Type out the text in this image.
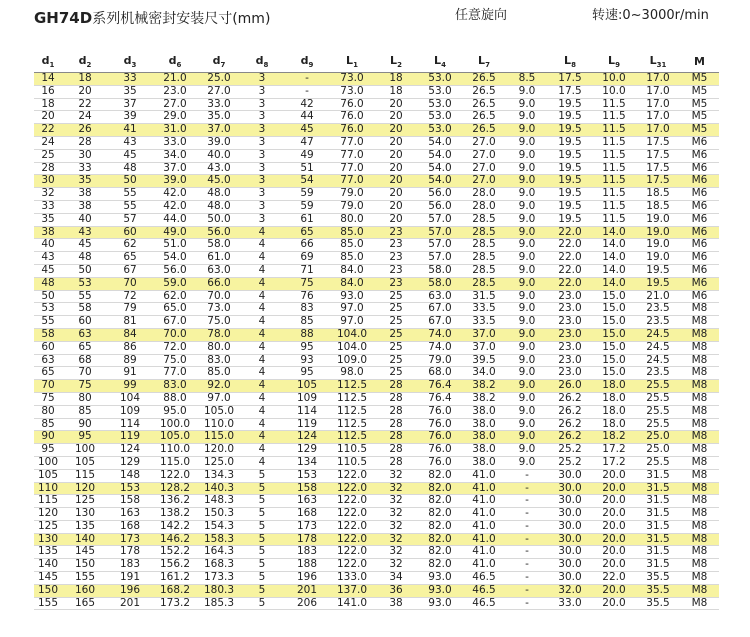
GH74D系列机械密封安装尺寸(mm)	任意旋向	转速:0~3000r/min
$d_1$	$d_2$	$d_3$	$d_6$	$d_7$	$d_8$	$d_9$	$L_1$	$L_2$	$L_4$	$L_7$		$L_8$	$L_9$	$L_{31}$	M
14	18	33	21.0	25.0	3	-	73.0	18	53.0	26.5	8.5	17.5	10.0	17.0	M5
16	20	35	23.0	27.0	3	-	73.0	18	53.0	26.5	9.0	17.5	10.0	17.0	M5
18	22	37	27.0	33.0	3	42	76.0	20	53.0	26.5	9.0	19.5	11.5	17.0	M5
20	24	39	29.0	35.0	3	44	76.0	20	53.0	26.5	9.0	19.5	11.5	17.0	M5
22	26	41	31.0	37.0	3	45	76.0	20	53.0	26.5	9.0	19.5	11.5	17.0	M5
24	28	43	33.0	39.0	3	47	77.0	20	54.0	27.0	9.0	19.5	11.5	17.5	M6
25	30	45	34.0	40.0	3	49	77.0	20	54.0	27.0	9.0	19.5	11.5	17.5	M6
28	33	48	37.0	43.0	3	51	77.0	20	54.0	27.0	9.0	19.5	11.5	17.5	M6
30	35	50	39.0	45.0	3	54	77.0	20	54.0	27.0	9.0	19.5	11.5	17.5	M6
32	38	55	42.0	48.0	3	59	79.0	20	56.0	28.0	9.0	19.5	11.5	18.5	M6
33	38	55	42.0	48.0	3	59	79.0	20	56.0	28.0	9.0	19.5	11.5	18.5	M6
35	40	57	44.0	50.0	3	61	80.0	20	57.0	28.5	9.0	19.5	11.5	19.0	M6
38	43	60	49.0	56.0	4	65	85.0	23	57.0	28.5	9.0	22.0	14.0	19.0	M6
40	45	62	51.0	58.0	4	66	85.0	23	57.0	28.5	9.0	22.0	14.0	19.0	M6
43	48	65	54.0	61.0	4	69	85.0	23	57.0	28.5	9.0	22.0	14.0	19.0	M6
45	50	67	56.0	63.0	4	71	84.0	23	58.0	28.5	9.0	22.0	14.0	19.5	M6
48	53	70	59.0	66.0	4	75	84.0	23	58.0	28.5	9.0	22.0	14.0	19.5	M6
50	55	72	62.0	70.0	4	76	93.0	25	63.0	31.5	9.0	23.0	15.0	21.0	M6
53	58	79	65.0	73.0	4	83	97.0	25	67.0	33.5	9.0	23.0	15.0	23.5	M8
55	60	81	67.0	75.0	4	85	97.0	25	67.0	33.5	9.0	23.0	15.0	23.5	M8
58	63	84	70.0	78.0	4	88	104.0	25	74.0	37.0	9.0	23.0	15.0	24.5	M8
60	65	86	72.0	80.0	4	95	104.0	25	74.0	37.0	9.0	23.0	15.0	24.5	M8
63	68	89	75.0	83.0	4	93	109.0	25	79.0	39.5	9.0	23.0	15.0	24.5	M8
65	70	91	77.0	85.0	4	95	98.0	25	68.0	34.0	9.0	23.0	15.0	23.5	M8
70	75	99	83.0	92.0	4	105	112.5	28	76.4	38.2	9.0	26.0	18.0	25.5	M8
75	80	104	88.0	97.0	4	109	112.5	28	76.4	38.2	9.0	26.2	18.0	25.5	M8
80	85	109	95.0	105.0	4	114	112.5	28	76.0	38.0	9.0	26.2	18.0	25.5	M8
85	90	114	100.0	110.0	4	119	112.5	28	76.0	38.0	9.0	26.2	18.0	25.5	M8
90	95	119	105.0	115.0	4	124	112.5	28	76.0	38.0	9.0	26.2	18.2	25.0	M8
95	100	124	110.0	120.0	4	129	110.5	28	76.0	38.0	9.0	25.2	17.2	25.0	M8
100	105	129	115.0	125.0	4	134	110.5	28	76.0	38.0	9.0	25.2	17.2	25.5	M8
105	115	148	122.0	134.3	5	153	122.0	32	82.0	41.0	-	30.0	20.0	31.5	M8
110	120	153	128.2	140.3	5	158	122.0	32	82.0	41.0	-	30.0	20.0	31.5	M8
115	125	158	136.2	148.3	5	163	122.0	32	82.0	41.0	-	30.0	20.0	31.5	M8
120	130	163	138.2	150.3	5	168	122.0	32	82.0	41.0	-	30.0	20.0	31.5	M8
125	135	168	142.2	154.3	5	173	122.0	32	82.0	41.0	-	30.0	20.0	31.5	M8
130	140	173	146.2	158.3	5	178	122.0	32	82.0	41.0	-	30.0	20.0	31.5	M8
135	145	178	152.2	164.3	5	183	122.0	32	82.0	41.0	-	30.0	20.0	31.5	M8
140	150	183	156.2	168.3	5	188	122.0	32	82.0	41.0	-	30.0	20.0	31.5	M8
145	155	191	161.2	173.3	5	196	133.0	34	93.0	46.5	-	30.0	22.0	35.5	M8
150	160	196	168.2	180.3	5	201	137.0	36	93.0	46.5	-	32.0	20.0	35.5	M8
155	165	201	173.2	185.3	5	206	141.0	38	93.0	46.5	-	33.0	20.0	35.5	M8
